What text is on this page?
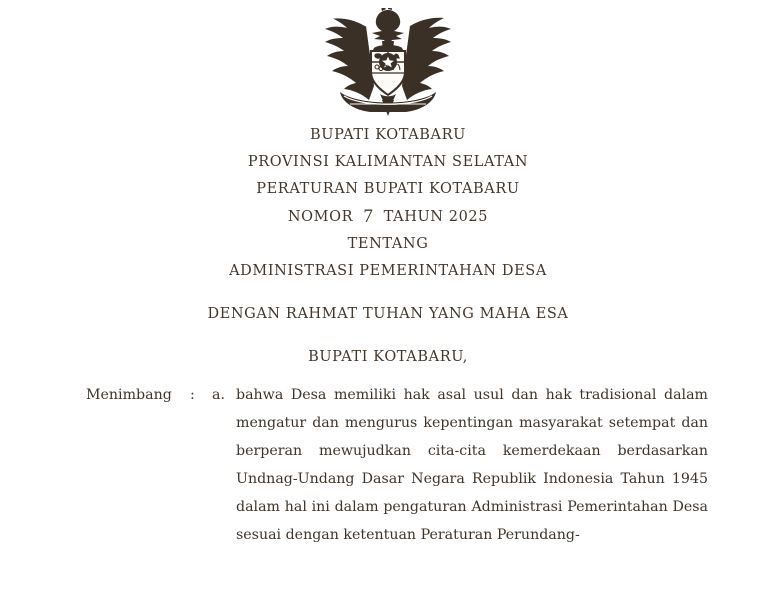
BUPATI KOTABARU
PROVINSI KALIMANTAN SELATAN
PERATURAN BUPATI KOTABARU
NOMOR 7 TAHUN 2025
TENTANG
ADMINISTRASI PEMERINTAHAN DESA
DENGAN RAHMAT TUHAN YANG MAHA ESA
BUPATI KOTABARU,
Menimbang	:	a. bahwa Desa memiliki hak asal usul dan hak tradisional dalam mengatur dan mengurus kepentingan masyarakat setempat dan berperan mewujudkan cita-cita kemerdekaan berdasarkan Undnag-Undang Dasar Negara Republik Indonesia Tahun 1945 dalam hal ini dalam pengaturan Administrasi Pemerintahan Desa sesuai dengan ketentuan Peraturan Perundang-
